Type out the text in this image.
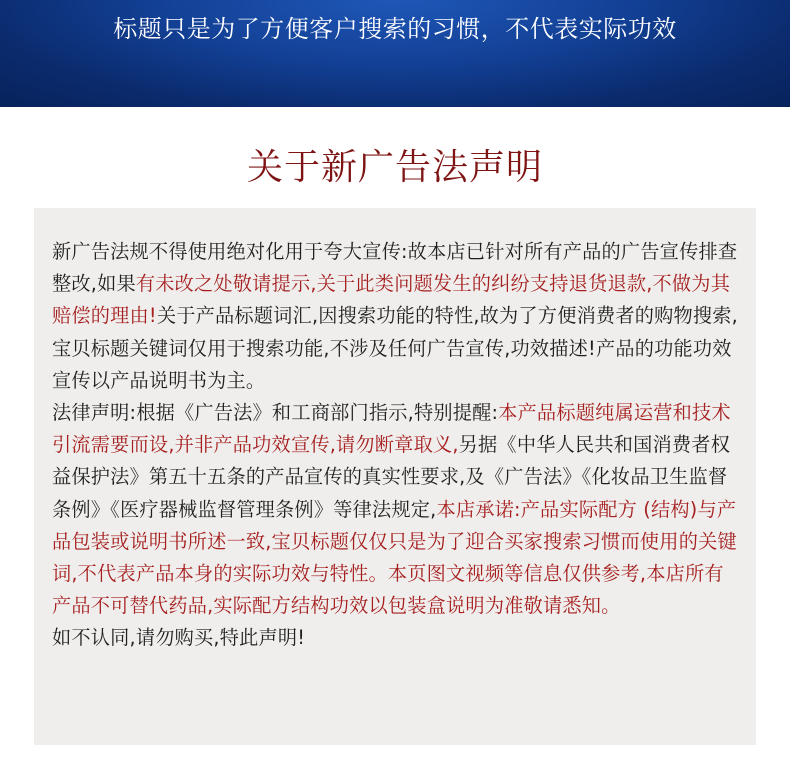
标题只是为了方便客户搜索的习惯，不代表实际功效
关于新广告法声明

新广告法规不得使用绝对化用于夸大宣传:故本店已针对所有产品的广告宣传排查整改,如果有未改之处敬请提示,关于此类问题发生的纠纷支持退货退款,不做为其赔偿的理由!关于产品标题词汇,因搜索功能的特性,故为了方便消费者的购物搜索,宝贝标题关键词仅用于搜索功能,不涉及任何广告宣传,功效描述!产品的功能功效宣传以产品说明书为主。

法律声明:根据《广告法》和工商部门指示,特别提醒:本产品标题纯属运营和技术引流需要而设,并非产品功效宣传,请勿断章取义,另据《中华人民共和国消费者权益保护法》第五十五条的产品宣传的真实性要求,及《广告法》《化妆品卫生监督条例》《医疗器械监督管理条例》等律法规定,本店承诺:产品实际配方 (结构)与产品包装或说明书所述一致,宝贝标题仅仅只是为了迎合买家搜索习惯而使用的关键词,不代表产品本身的实际功效与特性。本页图文视频等信息仅供参考,本店所有产品不可替代药品,实际配方结构功效以包装盒说明为准敬请悉知。

如不认同,请勿购买,特此声明!
